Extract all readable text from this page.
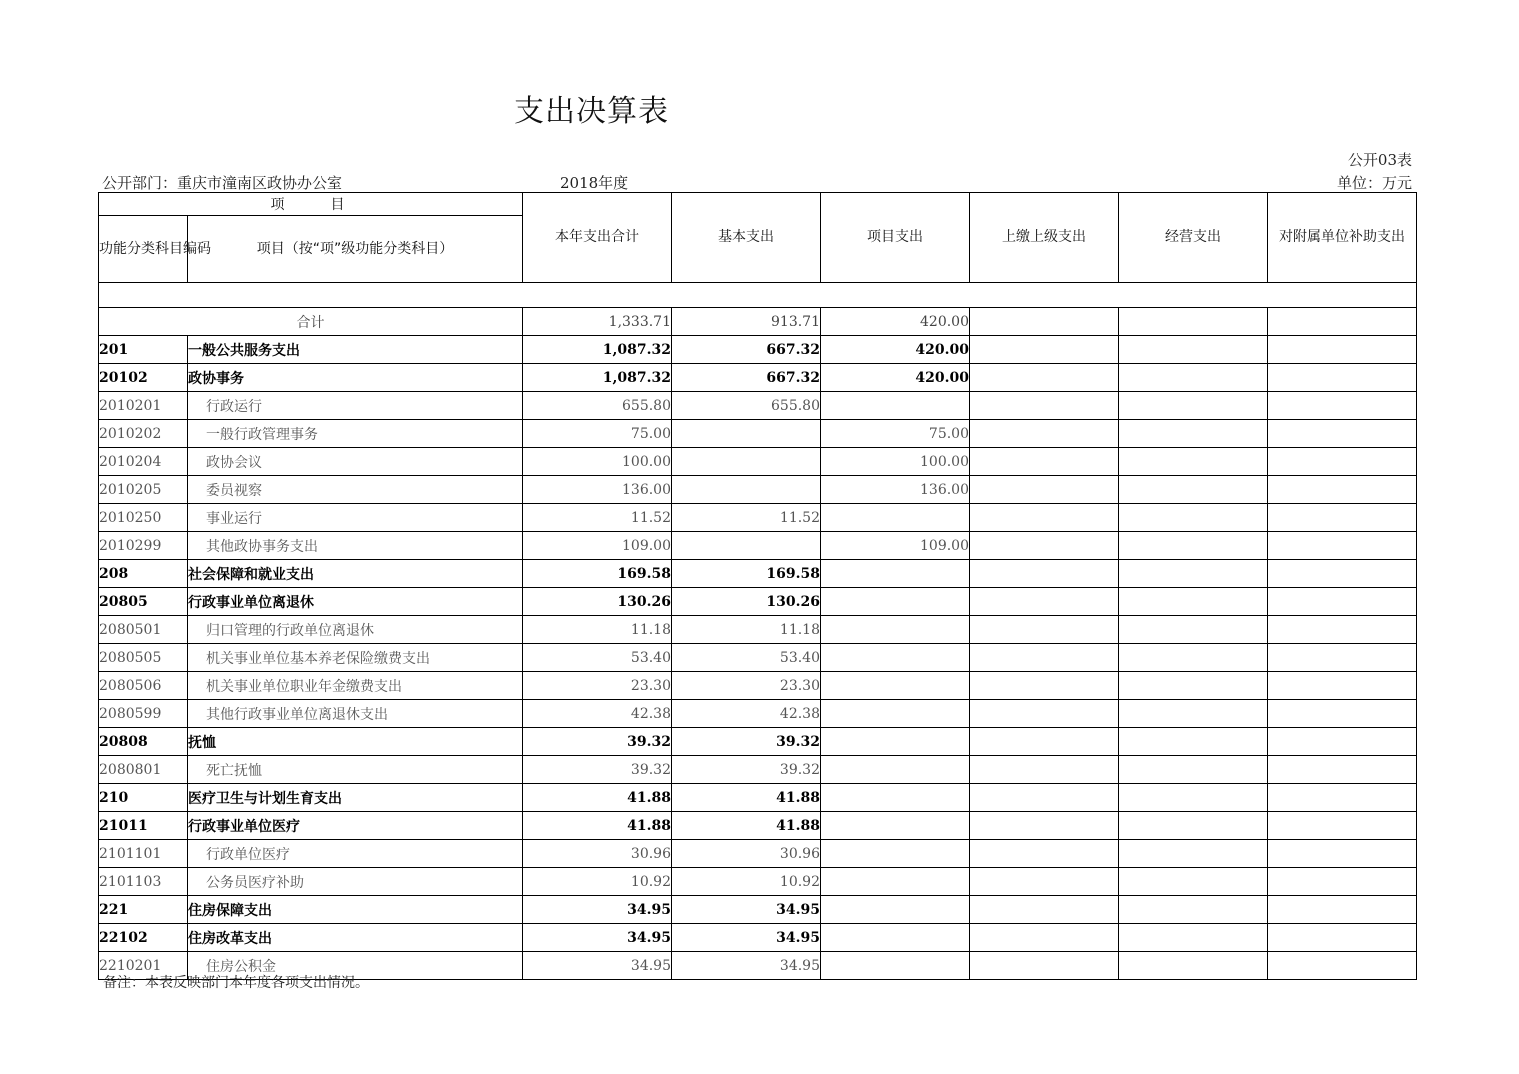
支出决算表
公开03表
公开部门：重庆市潼南区政协办公室	2018年度	单位：万元
项　　目		本年支出合计	基本支出	项目支出	上缴上级支出	经营支出	对附属单位补助支出
功能分类科目编码	项目（按“项”级功能分类科目）						

合计		1,333.71	913.71	420.00			
201	一般公共服务支出	1,087.32	667.32	420.00			
20102	政协事务	1,087.32	667.32	420.00			
2010201	行政运行	655.80	655.80				
2010202	一般行政管理事务	75.00		75.00			
2010204	政协会议	100.00		100.00			
2010205	委员视察	136.00		136.00			
2010250	事业运行	11.52	11.52				
2010299	其他政协事务支出	109.00		109.00			
208	社会保障和就业支出	169.58	169.58				
20805	行政事业单位离退休	130.26	130.26				
2080501	归口管理的行政单位离退休	11.18	11.18				
2080505	机关事业单位基本养老保险缴费支出	53.40	53.40				
2080506	机关事业单位职业年金缴费支出	23.30	23.30				
2080599	其他行政事业单位离退休支出	42.38	42.38				
20808	抚恤	39.32	39.32				
2080801	死亡抚恤	39.32	39.32				
210	医疗卫生与计划生育支出	41.88	41.88				
21011	行政事业单位医疗	41.88	41.88				
2101101	行政单位医疗	30.96	30.96				
2101103	公务员医疗补助	10.92	10.92				
221	住房保障支出	34.95	34.95				
22102	住房改革支出	34.95	34.95				
2210201	住房公积金	34.95	34.95				
备注：本表反映部门本年度各项支出情况。
